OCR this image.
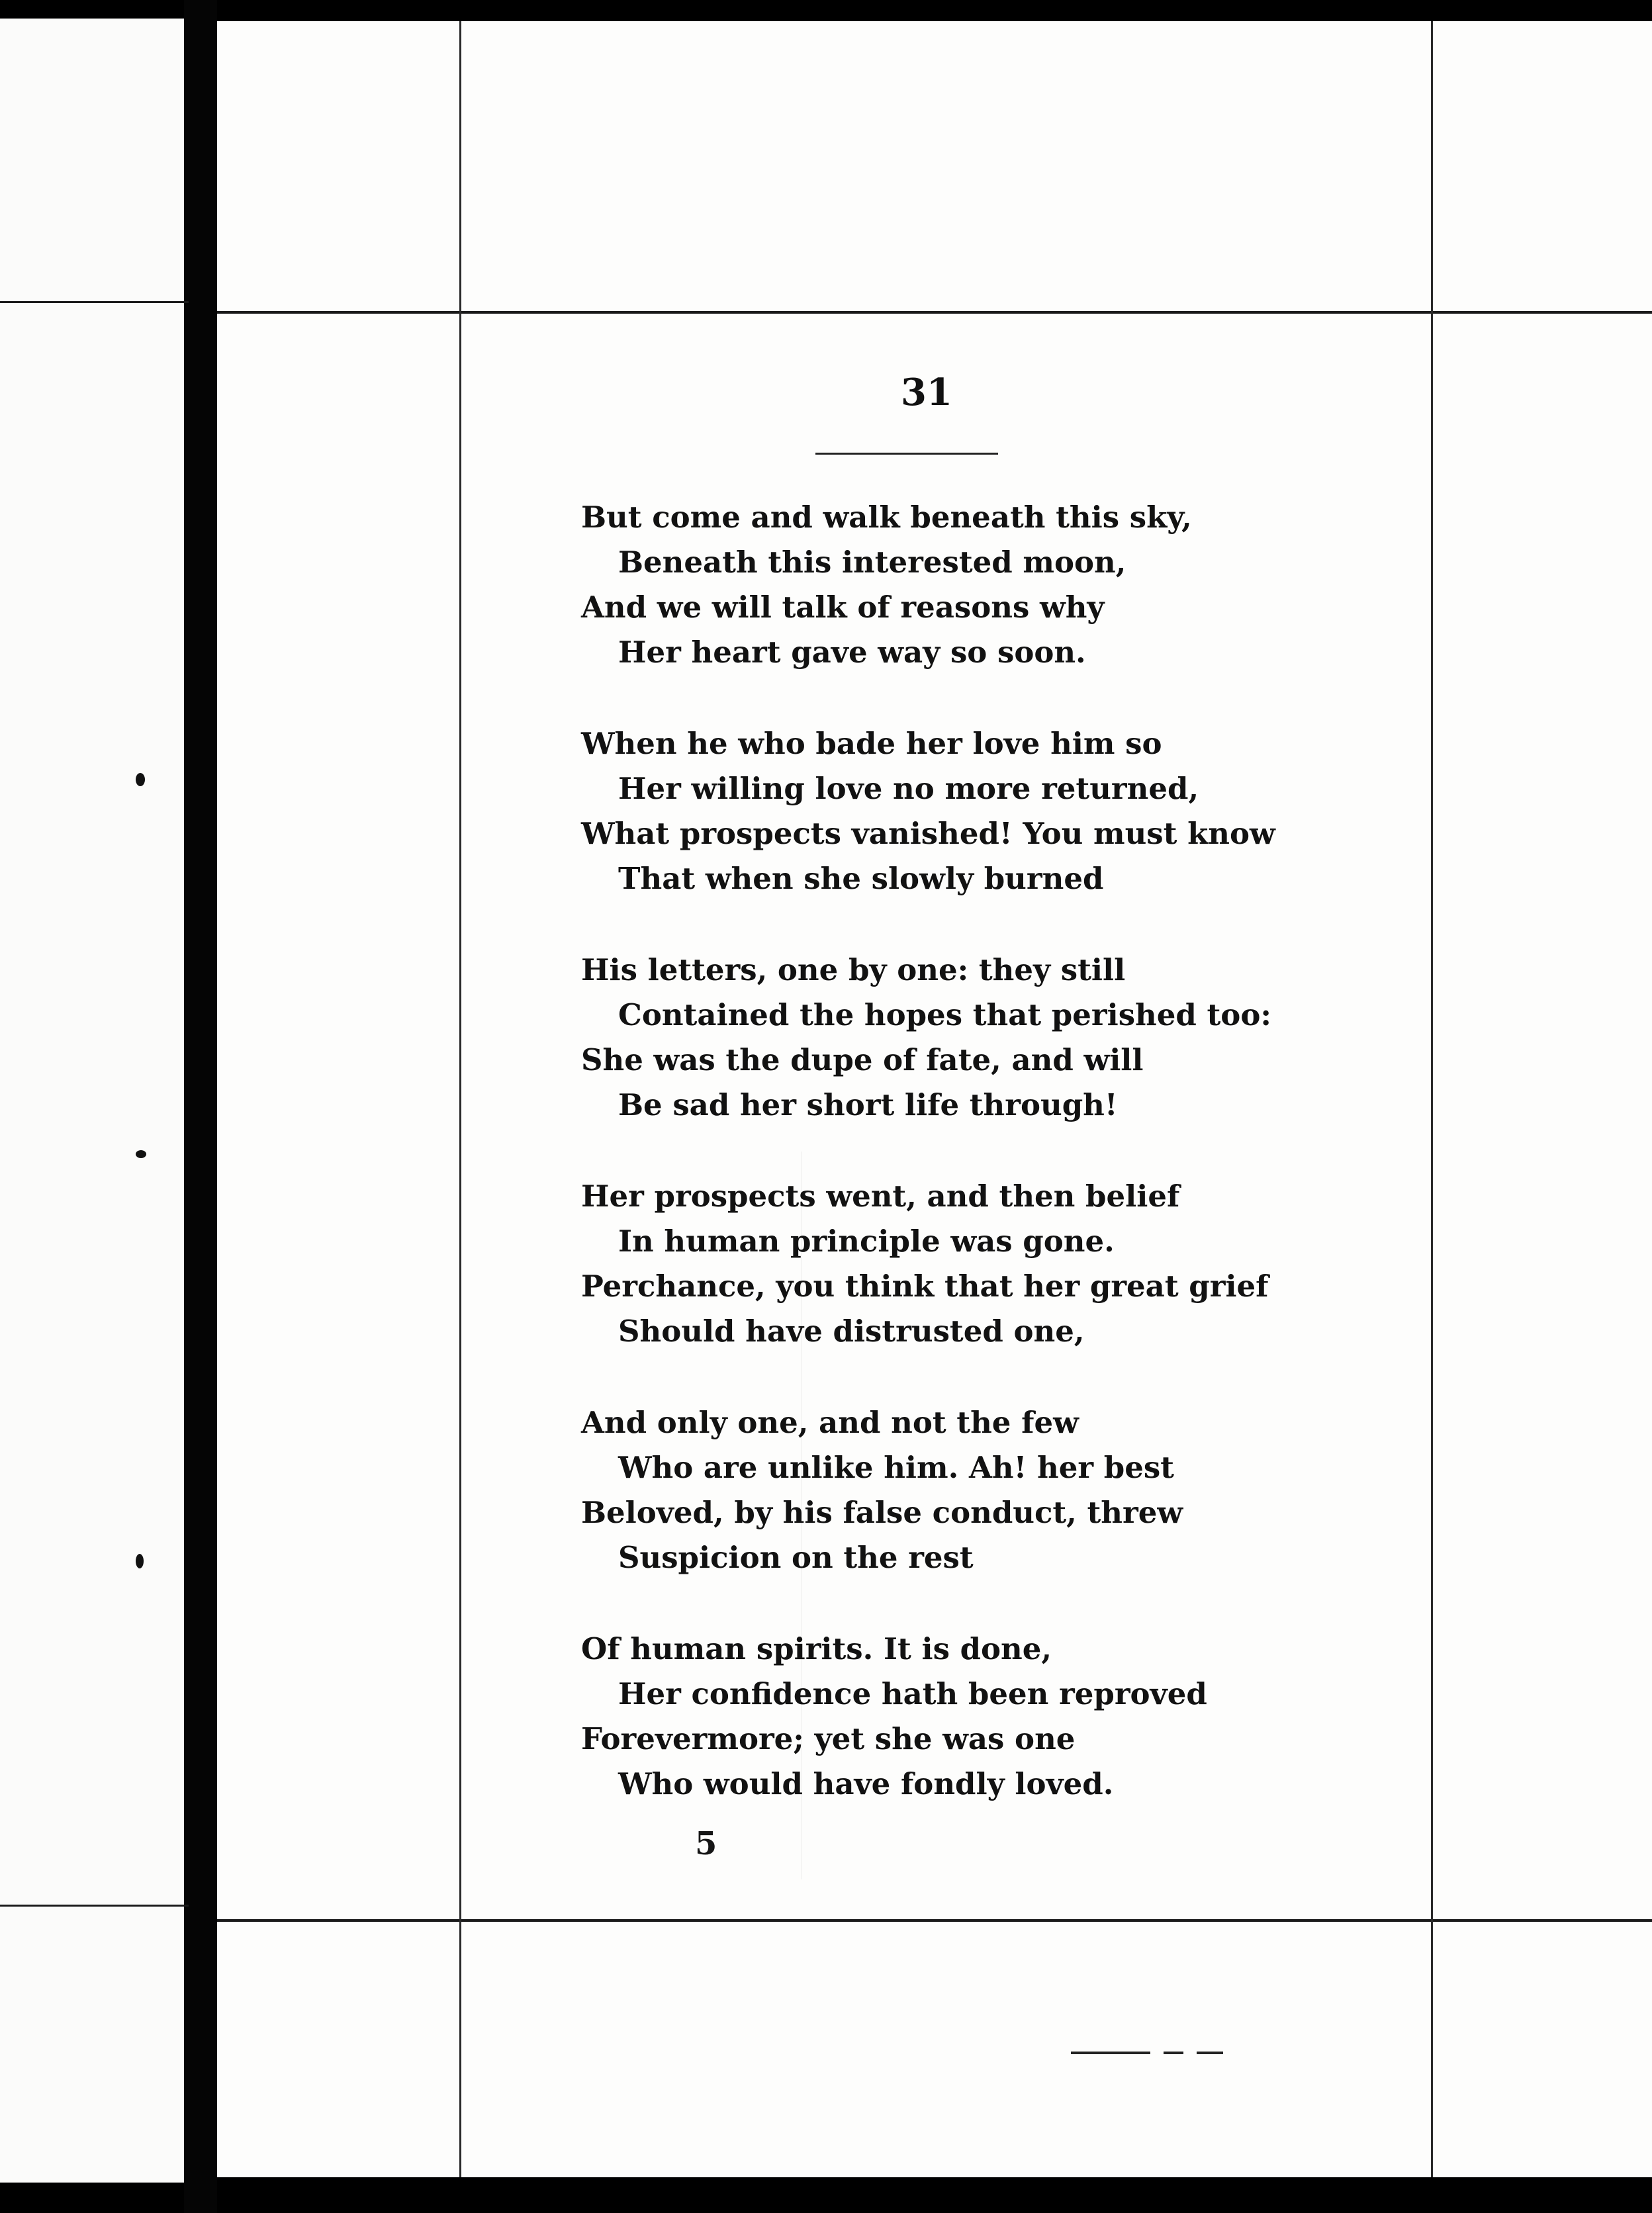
31
But come and walk beneath this sky,
Beneath this interested moon,
And we will talk of reasons why
Her heart gave way so soon.
When he who bade her love him so
Her willing love no more returned,
What prospects vanished! You must know
That when she slowly burned
His letters, one by one: they still
Contained the hopes that perished too:
She was the dupe of fate, and will
Be sad her short life through!
Her prospects went, and then belief
In human principle was gone.
Perchance, you think that her great grief
Should have distrusted one,
And only one, and not the few
Who are unlike him. Ah! her best
Beloved, by his false conduct, threw
Suspicion on the rest
Of human spirits. It is done,
Her confidence hath been reproved
Forevermore; yet she was one
Who would have fondly loved.
5
